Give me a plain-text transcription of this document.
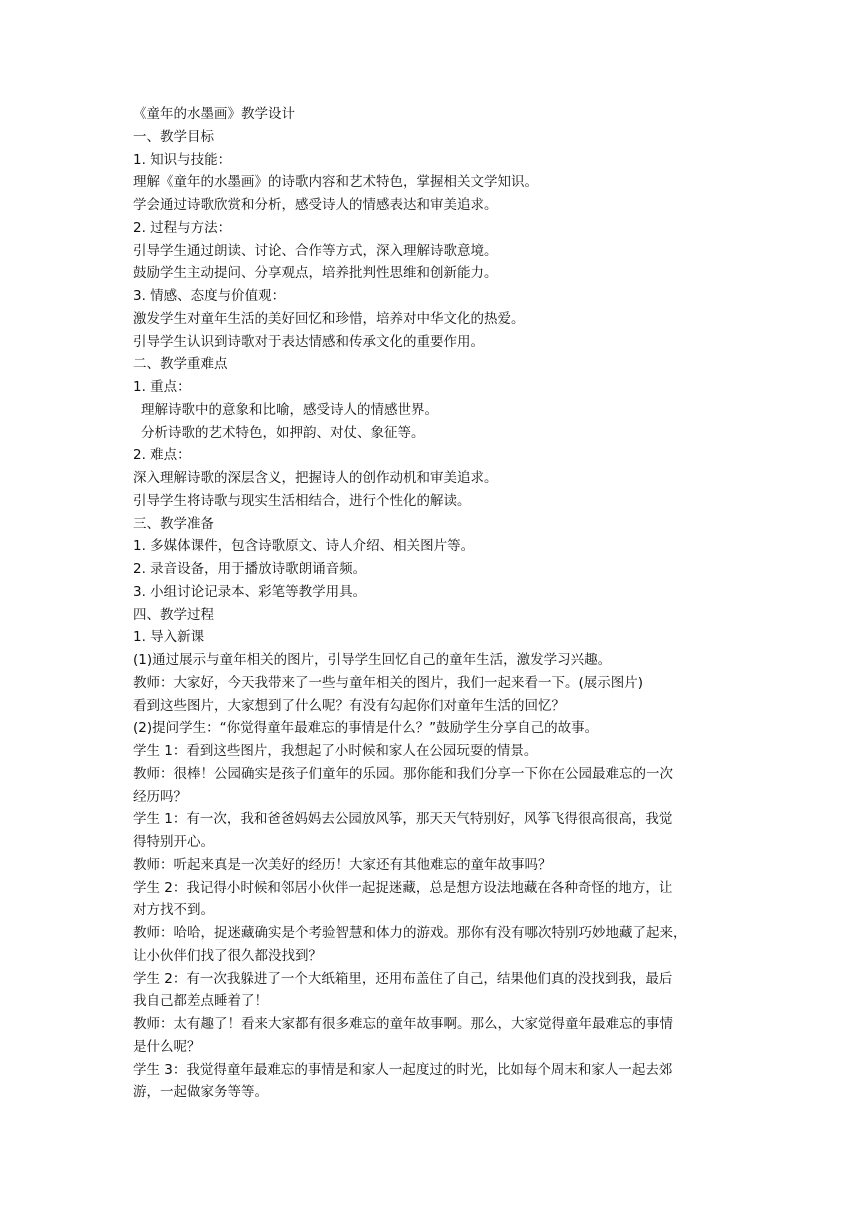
《童年的水墨画》教学设计

一、教学目标

1. 知识与技能：

理解《童年的水墨画》的诗歌内容和艺术特色，掌握相关文学知识。

学会通过诗歌欣赏和分析，感受诗人的情感表达和审美追求。

2. 过程与方法：

引导学生通过朗读、讨论、合作等方式，深入理解诗歌意境。

鼓励学生主动提问、分享观点，培养批判性思维和创新能力。

3. 情感、态度与价值观：

激发学生对童年生活的美好回忆和珍惜，培养对中华文化的热爱。

引导学生认识到诗歌对于表达情感和传承文化的重要作用。

二、教学重难点

1. 重点：

理解诗歌中的意象和比喻，感受诗人的情感世界。

分析诗歌的艺术特色，如押韵、对仗、象征等。

2. 难点：

深入理解诗歌的深层含义，把握诗人的创作动机和审美追求。

引导学生将诗歌与现实生活相结合，进行个性化的解读。

三、教学准备

1. 多媒体课件，包含诗歌原文、诗人介绍、相关图片等。

2. 录音设备，用于播放诗歌朗诵音频。

3. 小组讨论记录本、彩笔等教学用具。

四、教学过程

1. 导入新课

(1)通过展示与童年相关的图片，引导学生回忆自己的童年生活，激发学习兴趣。

教师：大家好，今天我带来了一些与童年相关的图片，我们一起来看一下。(展示图片)

看到这些图片，大家想到了什么呢？有没有勾起你们对童年生活的回忆？

(2)提问学生：“你觉得童年最难忘的事情是什么？”鼓励学生分享自己的故事。

学生 1：看到这些图片，我想起了小时候和家人在公园玩耍的情景。

教师：很棒！公园确实是孩子们童年的乐园。那你能和我们分享一下你在公园最难忘的一次

经历吗？

学生 1：有一次，我和爸爸妈妈去公园放风筝，那天天气特别好，风筝飞得很高很高，我觉

得特别开心。

教师：听起来真是一次美好的经历！大家还有其他难忘的童年故事吗？

学生 2：我记得小时候和邻居小伙伴一起捉迷藏，总是想方设法地藏在各种奇怪的地方，让

对方找不到。

教师：哈哈，捉迷藏确实是个考验智慧和体力的游戏。那你有没有哪次特别巧妙地藏了起来，

让小伙伴们找了很久都没找到？

学生 2：有一次我躲进了一个大纸箱里，还用布盖住了自己，结果他们真的没找到我，最后

我自己都差点睡着了！

教师：太有趣了！看来大家都有很多难忘的童年故事啊。那么，大家觉得童年最难忘的事情

是什么呢？

学生 3：我觉得童年最难忘的事情是和家人一起度过的时光，比如每个周末和家人一起去郊

游，一起做家务等等。
